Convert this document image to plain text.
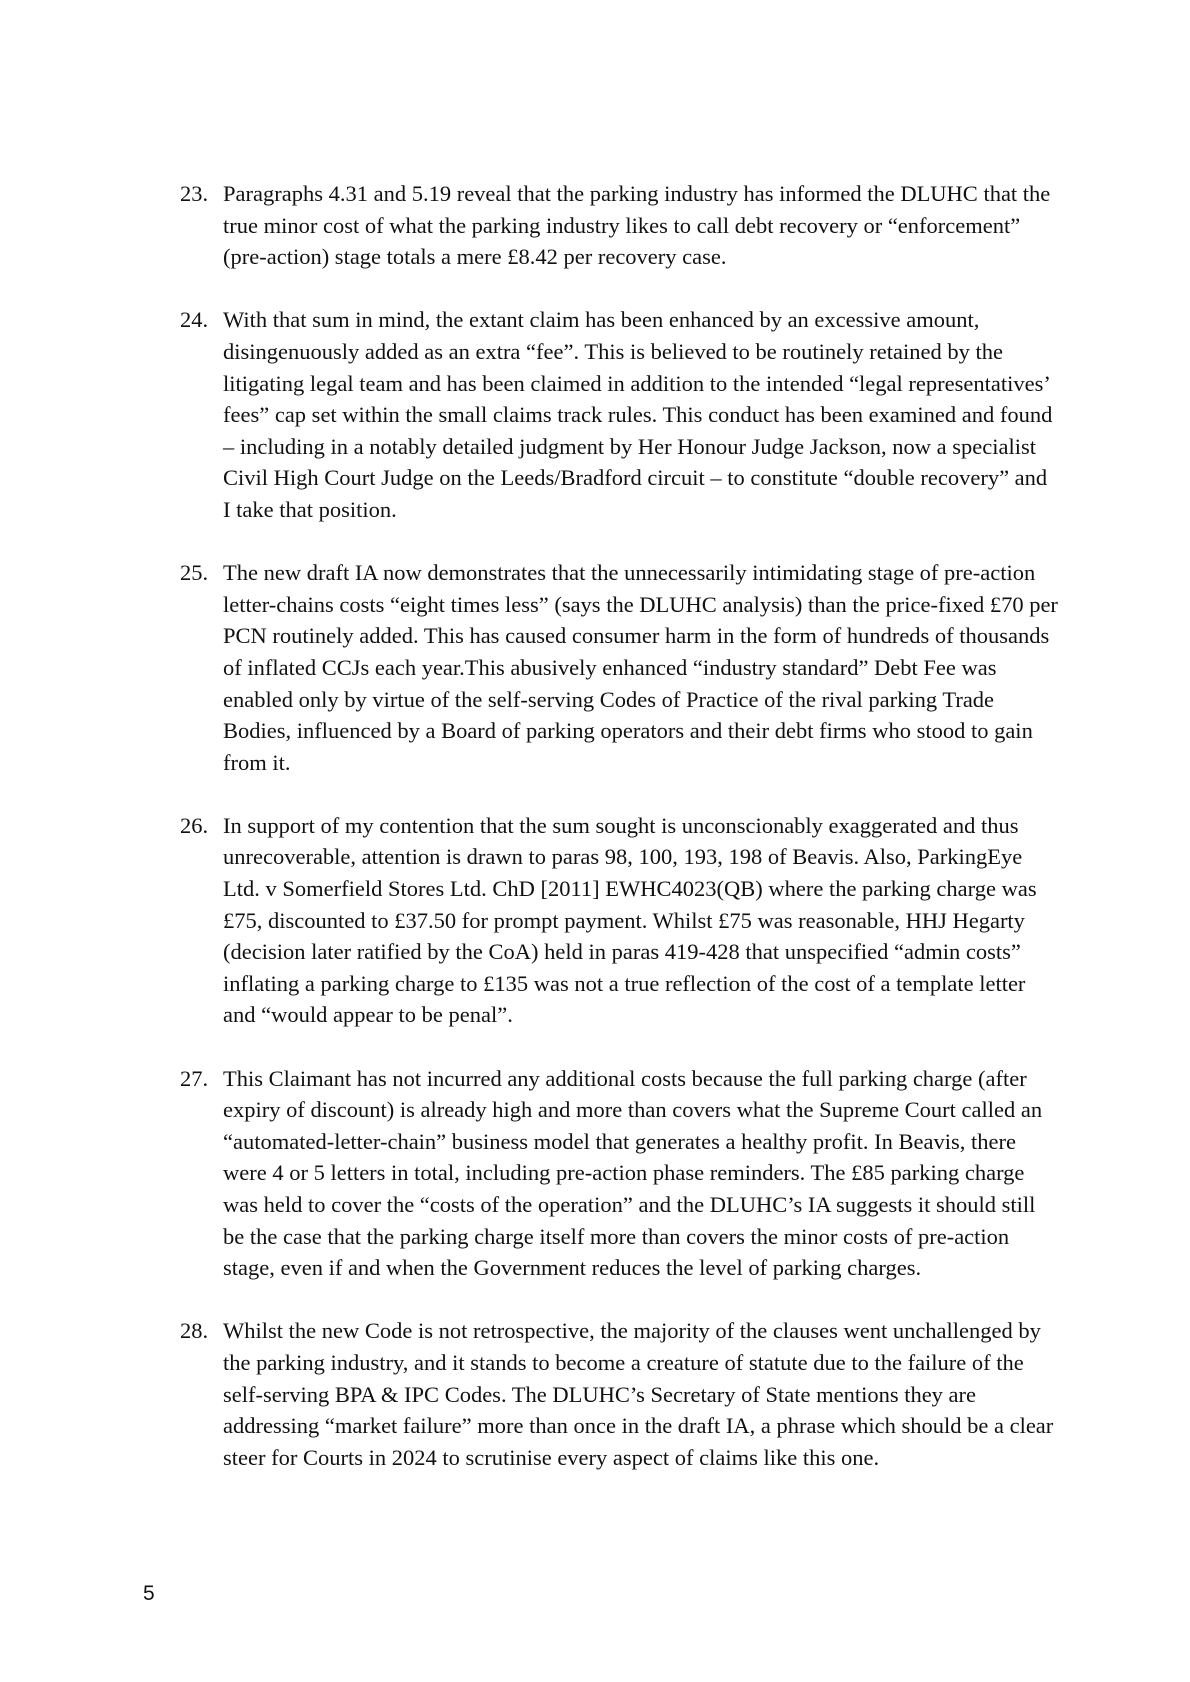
23. Paragraphs 4.31 and 5.19 reveal that the parking industry has informed the DLUHC that the true minor cost of what the parking industry likes to call debt recovery or “enforcement” (pre-action) stage totals a mere £8.42 per recovery case.
24. With that sum in mind, the extant claim has been enhanced by an excessive amount, disingenuously added as an extra “fee”. This is believed to be routinely retained by the litigating legal team and has been claimed in addition to the intended “legal representatives’ fees” cap set within the small claims track rules. This conduct has been examined and found – including in a notably detailed judgment by Her Honour Judge Jackson, now a specialist Civil High Court Judge on the Leeds/Bradford circuit – to constitute “double recovery” and I take that position.
25. The new draft IA now demonstrates that the unnecessarily intimidating stage of pre-action letter-chains costs “eight times less” (says the DLUHC analysis) than the price-fixed £70 per PCN routinely added. This has caused consumer harm in the form of hundreds of thousands of inflated CCJs each year.This abusively enhanced “industry standard” Debt Fee was enabled only by virtue of the self-serving Codes of Practice of the rival parking Trade Bodies, influenced by a Board of parking operators and their debt firms who stood to gain from it.
26. In support of my contention that the sum sought is unconscionably exaggerated and thus unrecoverable, attention is drawn to paras 98, 100, 193, 198 of Beavis. Also, ParkingEye Ltd. v Somerfield Stores Ltd. ChD [2011] EWHC4023(QB) where the parking charge was £75, discounted to £37.50 for prompt payment. Whilst £75 was reasonable, HHJ Hegarty (decision later ratified by the CoA) held in paras 419-428 that unspecified “admin costs” inflating a parking charge to £135 was not a true reflection of the cost of a template letter and “would appear to be penal”.
27. This Claimant has not incurred any additional costs because the full parking charge (after expiry of discount) is already high and more than covers what the Supreme Court called an “automated-letter-chain” business model that generates a healthy profit. In Beavis, there were 4 or 5 letters in total, including pre-action phase reminders. The £85 parking charge was held to cover the “costs of the operation” and the DLUHC’s IA suggests it should still be the case that the parking charge itself more than covers the minor costs of pre-action stage, even if and when the Government reduces the level of parking charges.
28. Whilst the new Code is not retrospective, the majority of the clauses went unchallenged by the parking industry, and it stands to become a creature of statute due to the failure of the self-serving BPA & IPC Codes. The DLUHC’s Secretary of State mentions they are addressing “market failure” more than once in the draft IA, a phrase which should be a clear steer for Courts in 2024 to scrutinise every aspect of claims like this one.
5
